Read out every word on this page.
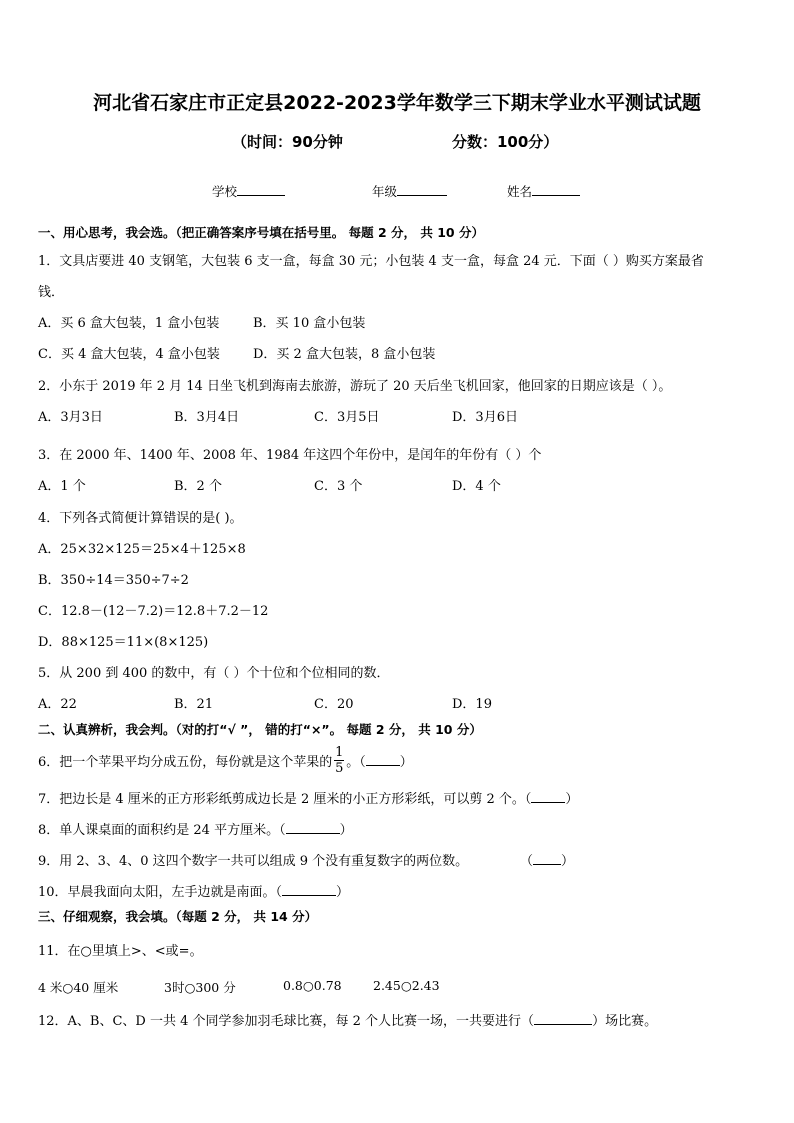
河北省石家庄市正定县2022-2023学年数学三下期末学业水平测试试题
（时间：90分钟	分数：100分）
学校	年级	姓名
一、用心思考，我会选。（把正确答案序号填在括号里。 每题 2 分， 共 10 分）
1．文具店要进 40 支钢笔，大包装 6 支一盒，每盒 30 元；小包装 4 支一盒，每盒 24 元．下面（ ）购买方案最省
钱．
A．买 6 盒大包装，1 盒小包装	B．买 10 盒小包装
C．买 4 盒大包装，4 盒小包装	D．买 2 盒大包装，8 盒小包装
2．小东于 2019 年 2 月 14 日坐飞机到海南去旅游，游玩了 20 天后坐飞机回家，他回家的日期应该是（ ）。
A．3月3日	B．3月4日	C．3月5日	D．3月6日
3．在 2000 年、1400 年、2008 年、1984 年这四个年份中，是闰年的年份有（ ）个
A．1 个	B．2 个	C．3 个	D．4 个
4．下列各式简便计算错误的是( )。
A．25×32×125＝25×4＋125×8
B．350÷14＝350÷7÷2
C．12.8－(12－7.2)＝12.8＋7.2－12
D．88×125＝11×(8×125)
5．从 200 到 400 的数中，有（ ）个十位和个位相同的数．
A．22	B．21	C．20	D．19
二、认真辨析，我会判。（对的打“√ ”， 错的打“×”。 每题 2 分， 共 10 分）
6．把一个苹果平均分成五份，每份就是这个苹果的 $\frac{1}{5}$ 。（	）
7．把边长是 4 厘米的正方形彩纸剪成边长是 2 厘米的小正方形彩纸，可以剪 2 个。（	）
8．单人课桌面的面积约是 24 平方厘米。（	）
9．用 2、3、4、0 这四个数字一共可以组成 9 个没有重复数字的两位数。	（ ）
10．早晨我面向太阳，左手边就是南面。（	）
三、仔细观察，我会填。（每题 2 分， 共 14 分）
11．在○里填上>、<或=。
4 米○40 厘米	3时○300 分	0.8○0.78	2.45○2.43
12．A、B、C、D 一共 4 个同学参加羽毛球比赛，每 2 个人比赛一场，一共要进行（	）场比赛。
